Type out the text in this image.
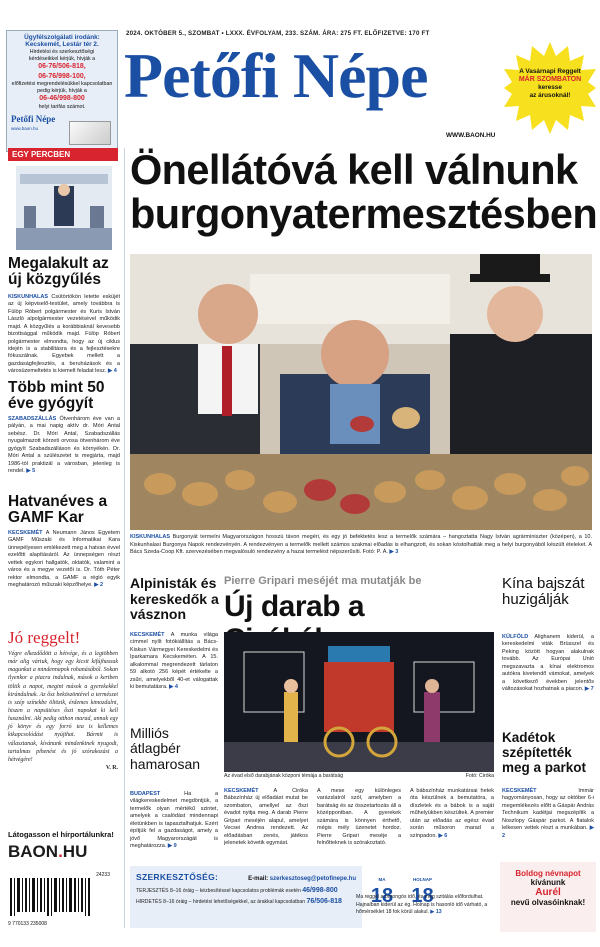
Ügyfélszolgálati irodánk: Kecskemét, Lestár tér 2.
Hirdetési és szerkesztőségi
kérdéseikkel kérjük, hívják a
06-76/506-818,
06-76/998-100,
előfizetési megrendelésükkel kapcsolatban pedig kérjük, hívják a
06-46/998-800
helyi tarifás számot.
Petőfi Népe
www.baon.hu
2024. OKTÓBER 5., SZOMBAT • LXXX. ÉVFOLYAM, 233. SZÁM. ÁRA: 275 FT. ELŐFIZETVE: 170 FT
Petőfi Népe
WWW.BAON.HU
A Vasárnapi Reggelt
MÁR SZOMBATON
keresse
az árusoknál!
EGY PERCBEN
Megalakult az új közgyűlés
KISKUNHALAS Csütörtökön letette esküjét az új képviselő-testület, amely továbbra is Fülöp Róbert polgármester és Kuris István László alpolgármester vezetésével működik majd. A közgyűlés a korábbiaknál kevesebb bizottsággal működik majd. Fülöp Róbert polgármester elmondta, hogy az új ciklus idején is a stabilitásra és a fejlesztésekre fókuszálnak. Egyebek mellett a gazdaságfejlesztés, a beruházások és a városüzemeltetés is kiemelt feladat lesz. ▶ 4
Több mint 50 éve gyógyít
SZABADSZÁLLÁS Ötvenhárom éve van a pályán, a mai napig aktív dr. Móri Antal sebész. Dr. Móri Antal, Szabadszállás nyugalmazott körzeti orvosa ötvenhárom éve gyógyít Szabadszálláson és környékén. Dr. Móri Antal a szülészetet is megjárta, majd 1986-tól praktizál a városban, jelenleg is rendel. ▶ 5
Hatvanéves a GAMF Kar
KECSKEMÉT A Neumann János Egyetem GAMF Műszaki és Informatikai Kara ünnepélyesen emlékezett meg a hatvan évvel ezelőtti alapításáról. Az ünnepségen részt vettek egykori hallgatók, oktatók, valamint a város és a megye vezetői is. Dr. Tóth Péter rektor elmondta, a GAMF a régió egyik meghatározó műszaki képzőhelye. ▶ 2
Jó reggelt!
Végre elkezdődött a hétvége, és a legtöbben már alig vártuk, hogy egy kicsit kifújhassuk magunkat a mindennapok rohanásából. Sokan ilyenkor a piacra indulnak, mások a kertben töltik a napot, megint mások a gyerekekkel kirándulnak. Az ősz beköszöntével a természet is szép színekbe öltözik, érdemes kimozdulni, hiszen a napsütéses őszi napokat ki kell használni. Aki pedig otthon marad, annak egy jó könyv és egy forró tea is kellemes kikapcsolódást nyújthat. Bármit is választanak, kívánunk mindenkinek nyugodt, tartalmas pihenést és jó szórakozást a hétvégére!
V. R.
Látogasson el hírportálunkra!
BAON.HU
Önellátóvá kell válnunk burgonyatermesztésben
KISKUNHALAS Burgonyát termelni Magyarországon hosszú távon megéri, és egy jó befektetés lesz a termelők számára – hangoztatta Nagy István agrárminiszter (középen), a 10. Kiskunhalasi Burgonya Napok rendezvényén. A rendezvényen a termelők mellett számos szakmai előadás is elhangzott, és sokan kóstolhatták meg a helyi burgonyából készült ételeket. A Bács Szeda-Coop Kft. szervezésében megvalósuló rendezvény a hazai termelést népszerűsíti. Fotó: P. Á. ▶ 3
Alpinisták és kereskedők a vásznon
KECSKEMÉT A munka világa címmel nyílt fotókiállítás a Bács-Kiskun Vármegyei Kereskedelmi és Iparkamara Kecskeméten. A 15. alkalommal megrendezett tárlaton 59 alkotó 256 képét értékelte a zsűri, amelyekből 40-et válogattak ki bemutatásra. ▶ 4
Milliós átlagbér hamarosan
BUDAPEST	Ha a világkereskedelmet megdöntjük, a termelők olyan mértékű szintet, amelyek a csalódást mindennapi életünkben is tapasztalhatjuk. Ezért építjük fel a gazdaságot, amely a jövő Magyarországát is meghatározza. ▶ 9
Pierre Gripari meséjét ma mutatják be
Új darab a
Az évad első darabjának közponi témája a barátság	Fotó: Ciróka
KECSKEMÉT	A Ciróka Bábszínház új előadást mutat be szombaton, amellyel az őszi évadot nyitja meg. A darab Pierre Gripari meséjén alapul, amelyet Vecsei Andrea rendezett. Az előadásban zenés, játékos jelenetek követik egymást.
A mese egy különleges varázslatról szól, amelyben a barátság és az összetartozás áll a középpontban. A gyerekek számára is könnyen érthető, mégis mély üzenetet hordoz. Pierre Gripari meséje a felnőtteknek is szórakoztató.
A bábszínház munkatársai hetek óta készülnek a bemutatóra, a díszletek és a bábok is a saját műhelyükben készültek. A premier után az előadás az egész évad során műsoron marad a színpadon. ▶ 6
Kína bajszát huzigálják
KÜLFÖLD Alighanem kiderül, a kereskedelmi viták Brüsszel és Peking között hogyan alakulnak tovább. Az Európai Unió megszavazta a kínai elektromos autókra kivetendő vámokat, amelyek a következő években jelentős változásokat hozhatnak a piacon. ▶ 7
Kadétok szépítették meg a parkot
KECSKEMÉT	Immár hagyományosan, hogy az október 6-i megemlékezés előtt a Gáspár András Technikum kadétjai megszépítik a Noszlopy Gáspár parkot. A fiatalok lelkesen vettek részt a munkában. ▶ 2
24233
9 770133 235008
SZERKESZTŐSÉG:	E-mail: szerkesztoseg@petofinepe.hu
TERJESZTÉS 8–16 óráig – kézbesítéssel kapcsolatos problémák esetén 46/998-800
HIRDETÉS 8–16 óráig – hirdetési lehetőségekkel, az árakkal kapcsolatban 76/506-818
MA	HOLNAP
18 18
Ma reggel a borongós idő, és még szitálás előfordulhat. Hajnalban kiderül az ég. Holnap is hasonló idő várható, a hőmérséklet 18 fok körül alakul. ▶ 13
Boldog névnapot
kívánunk
Aurél
nevű olvasóinknak!
